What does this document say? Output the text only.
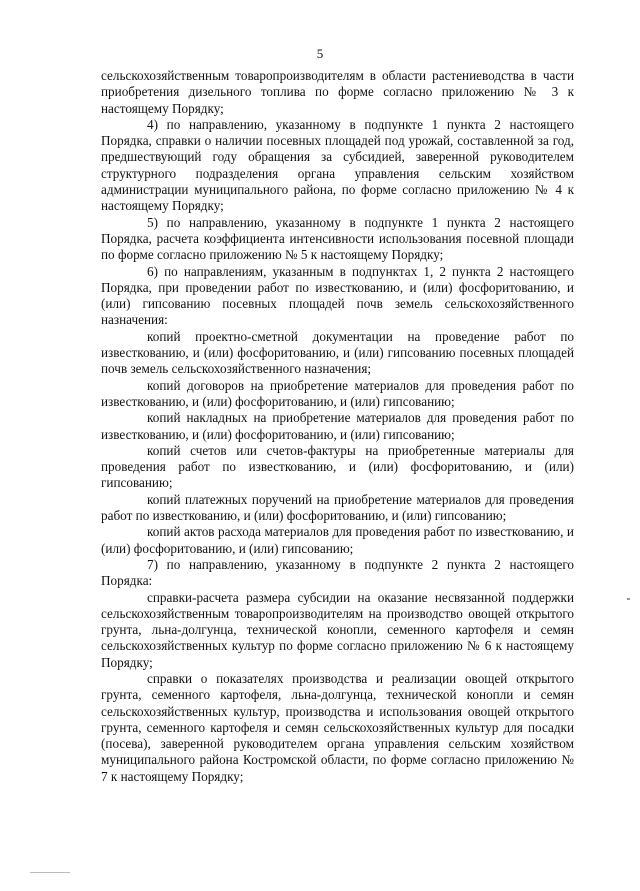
5

сельскохозяйственным товаропроизводителям в области растениеводства в части приобретения дизельного топлива по форме согласно приложению № 3 к настоящему Порядку;

4) по направлению, указанному в подпункте 1 пункта 2 настоящего Порядка, справки о наличии посевных площадей под урожай, составленной за год, предшествующий году обращения за субсидией, заверенной руководителем структурного подразделения органа управления сельским хозяйством администрации муниципального района, по форме согласно приложению № 4 к настоящему Порядку;

5) по направлению, указанному в подпункте 1 пункта 2 настоящего Порядка, расчета коэффициента интенсивности использования посевной площади по форме согласно приложению № 5 к настоящему Порядку;

6) по направлениям, указанным в подпунктах 1, 2 пункта 2 настоящего Порядка, при проведении работ по известкованию, и (или) фосфоритованию, и (или) гипсованию посевных площадей почв земель сельскохозяйственного назначения:

копий проектно-сметной документации на проведение работ по известкованию, и (или) фосфоритованию, и (или) гипсованию посевных площадей почв земель сельскохозяйственного назначения;

копий договоров на приобретение материалов для проведения работ по известкованию, и (или) фосфоритованию, и (или) гипсованию;

копий накладных на приобретение материалов для проведения работ по известкованию, и (или) фосфоритованию, и (или) гипсованию;

копий счетов или счетов-фактуры на приобретенные материалы для проведения работ по известкованию, и (или) фосфоритованию, и (или) гипсованию;

копий платежных поручений на приобретение материалов для проведения работ по известкованию, и (или) фосфоритованию, и (или) гипсованию;

копий актов расхода материалов для проведения работ по известкованию, и (или) фосфоритованию, и (или) гипсованию;

7) по направлению, указанному в подпункте 2 пункта 2 настоящего Порядка:

справки-расчета размера субсидии на оказание несвязанной поддержки сельскохозяйственным товаропроизводителям на производство овощей открытого грунта, льна-долгунца, технической конопли, семенного картофеля и семян сельскохозяйственных культур по форме согласно приложению № 6 к настоящему Порядку;

справки о показателях производства и реализации овощей открытого грунта, семенного картофеля, льна-долгунца, технической конопли и семян сельскохозяйственных культур, производства и использования овощей открытого грунта, семенного картофеля и семян сельскохозяйственных культур для посадки (посева), заверенной руководителем органа управления сельским хозяйством муниципального района Костромской области, по форме согласно приложению № 7 к настоящему Порядку;
